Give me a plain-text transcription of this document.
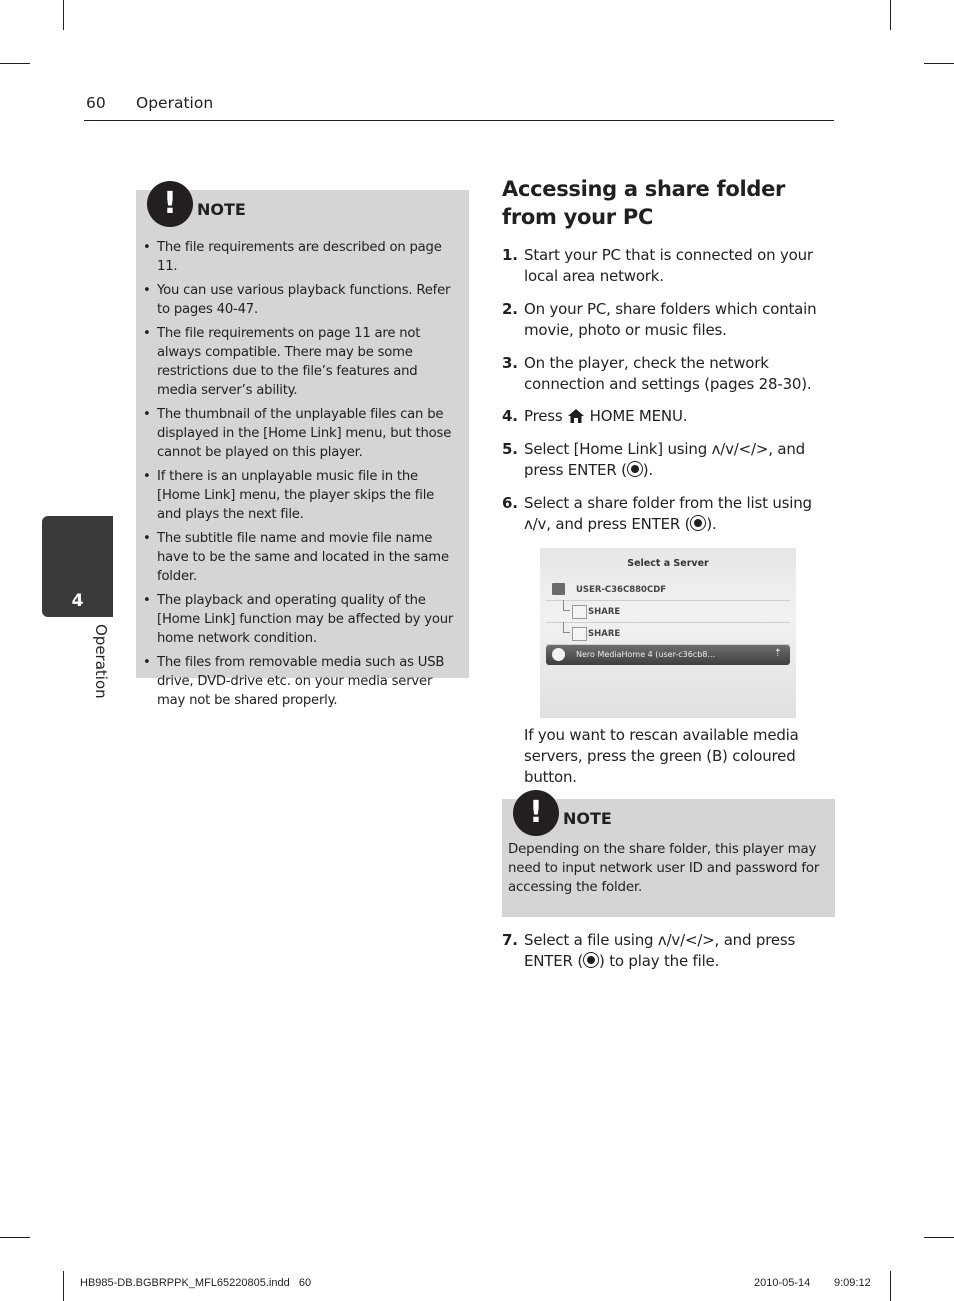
60 Operation
4
Operation
!	NOTE
• The file requirements are described on page 11.
• You can use various playback functions. Refer to pages 40-47.
• The file requirements on page 11 are not always compatible. There may be some restrictions due to the file’s features and media server’s ability.
• The thumbnail of the unplayable files can be displayed in the [Home Link] menu, but those cannot be played on this player.
• If there is an unplayable music file in the [Home Link] menu, the player skips the file and plays the next file.
• The subtitle file name and movie file name have to be the same and located in the same folder.
• The playback and operating quality of the [Home Link] function may be affected by your home network condition.
• The files from removable media such as USB drive, DVD-drive etc. on your media server may not be shared properly.
Accessing a share folder from your PC
1. Start your PC that is connected on your local area network.
2. On your PC, share folders which contain movie, photo or music files.
3. On the player, check the network connection and settings (pages 28-30).
4. Press HOME MENU.
5. Select [Home Link] using ʌ/v/</>, and press ENTER ( ).
6. Select a share folder from the list using ʌ/v, and press ENTER ( ).
Select a Server
USER-C36C880CDF
SHARE
SHARE
Nero MediaHome 4 (user-c36cb8...	⇡
If you want to rescan available media servers, press the green (B) coloured button.
!	NOTE
Depending on the share folder, this player may need to input network user ID and password for accessing the folder.
7. Select a file using ʌ/v/</>, and press ENTER ( ) to play the file.
HB985-DB.BGBRPPK_MFL65220805.indd   60	2010-05-14 9:09:12
